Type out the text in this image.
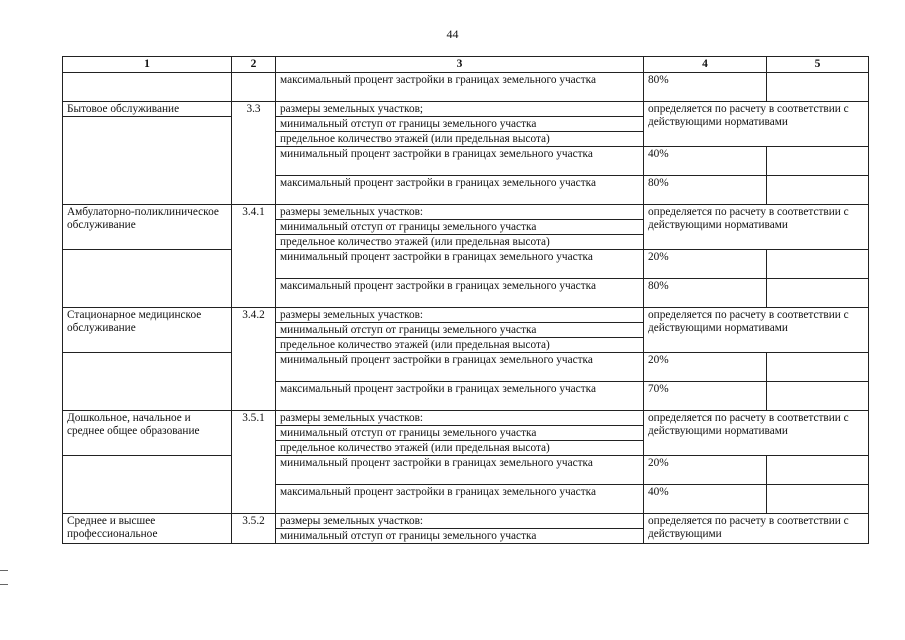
44
1	2	3	4	5
		максимальный процент застройки в границах земельного участка	80%	
Бытовое обслуживание	3.3	размеры земельных участков;	определяется по расчету в соответствии с действующими нормативами	
		минимальный отступ от границы земельного участка		
		предельное количество этажей (или предельная высота)		
		минимальный процент застройки в границах земельного участка	40%	
		максимальный процент застройки в границах земельного участка	80%	
Амбулаторно-поликлиническое обслуживание	3.4.1	размеры земельных участков:	определяется по расчету в соответствии с действующими нормативами	
		минимальный отступ от границы земельного участка		
		предельное количество этажей (или предельная высота)		
		минимальный процент застройки в границах земельного участка	20%	
		максимальный процент застройки в границах земельного участка	80%	
Стационарное медицинское обслуживание	3.4.2	размеры земельных участков:	определяется по расчету в соответствии с действующими нормативами	
		минимальный отступ от границы земельного участка		
		предельное количество этажей (или предельная высота)		
		минимальный процент застройки в границах земельного участка	20%	
		максимальный процент застройки в границах земельного участка	70%	
Дошкольное, начальное и среднее общее образование	3.5.1	размеры земельных участков:	определяется по расчету в соответствии с действующими нормативами	
		минимальный отступ от границы земельного участка		
		предельное количество этажей (или предельная высота)		
		минимальный процент застройки в границах земельного участка	20%	
		максимальный процент застройки в границах земельного участка	40%	
Среднее и высшее профессиональное	3.5.2	размеры земельных участков:	определяется по расчету в соответствии с действующими	
		минимальный отступ от границы земельного участка		
